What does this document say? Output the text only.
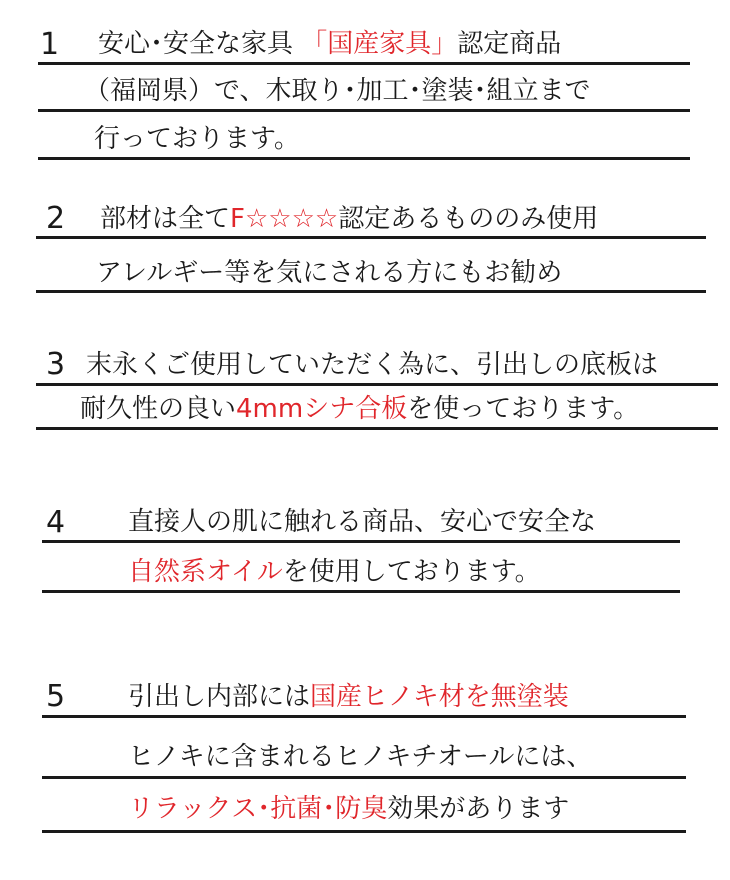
1 安心･安全な家具 「国産家具」認定商品
（福岡県）で、木取り･加工･塗装･組立まで
行っております。
2 部材は全てF☆☆☆☆認定あるもののみ使用
アレルギー等を気にされる方にもお勧め
3 末永くご使用していただく為に、引出しの底板は
耐久性の良い4mmシナ合板を使っております。
4 直接人の肌に触れる商品、安心で安全な
自然系オイルを使用しております。
5 引出し内部には国産ヒノキ材を無塗装
ヒノキに含まれるヒノキチオールには、
リラックス･抗菌･防臭効果があります
